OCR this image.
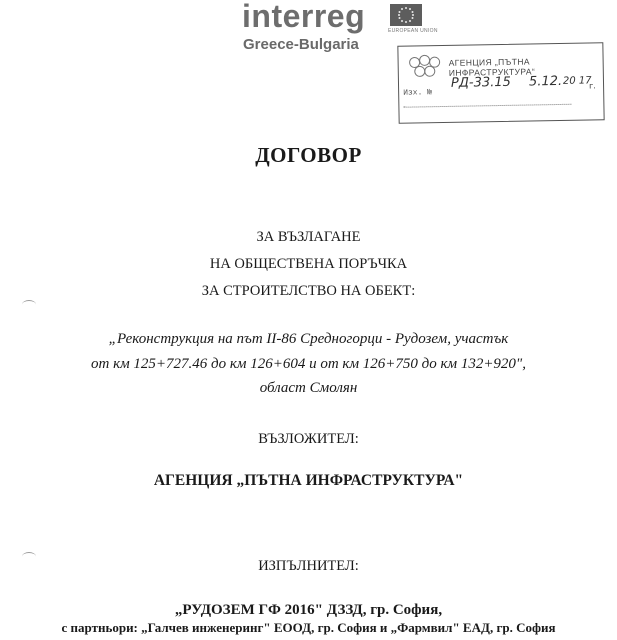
interreg
Greece-Bulgaria
EUROPEAN UNION
АГЕНЦИЯ „ПЪТНА ИНФРАСТРУКТУРА“
Изх. №
РД-33.15 5.12. 20 17
г.
ДОГОВОР
ЗА ВЪЗЛАГАНЕ
НА ОБЩЕСТВЕНА ПОРЪЧКА
ЗА СТРОИТЕЛСТВО НА ОБЕКТ:
„Реконструкция на път II-86 Средногорци - Рудозем, участък
от км 125+727.46 до км 126+604 и от км 126+750 до км 132+920",
област Смолян
ВЪЗЛОЖИТЕЛ:
АГЕНЦИЯ „ПЪТНА ИНФРАСТРУКТУРА"
ИЗПЪЛНИТЕЛ:
„РУДОЗЕМ ГФ 2016" ДЗЗД, гр. София,
с партньори: „Галчев инженеринг" ЕООД, гр. София и „Фармвил" ЕАД, гр. София
